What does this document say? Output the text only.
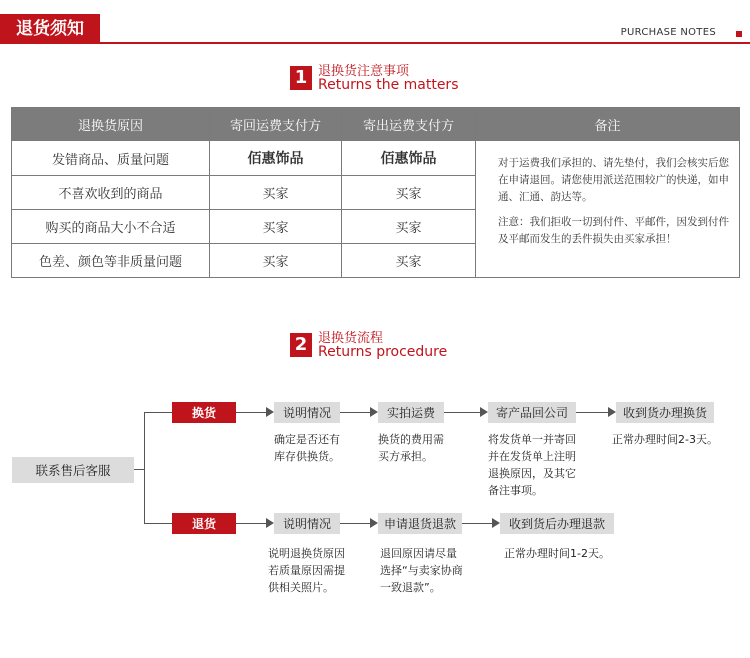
退货须知	PURCHASE NOTES
1 退换货注意事项
Returns the matters
退换货原因	寄回运费支付方	寄出运费支付方	备注
发错商品、质量问题	佰惠饰品	佰惠饰品
不喜欢收到的商品	买家	买家
购买的商品大小不合适	买家	买家
色差、颜色等非质量问题	买家	买家

对于运费我们承担的、请先垫付，我们会核实后您在申请退回。请您使用派送范围较广的快递，如申通、汇通、韵达等。

注意：我们拒收一切到付件、平邮件，因发到付件及平邮而发生的丢件损失由买家承担！

2 退换货流程
Returns procedure
联系售后客服
换货	说明情况	实拍运费	寄产品回公司	收到货办理换货
确定是否还有库存供换货。
换货的费用需买方承担。
将发货单一并寄回并在发货单上注明退换原因，及其它备注事项。
正常办理时间2-3天。
退货	说明情况	申请退货退款	收到货后办理退款
说明退换货原因若质量原因需提供相关照片。
退回原因请尽量选择“与卖家协商一致退款”。
正常办理时间1-2天。
